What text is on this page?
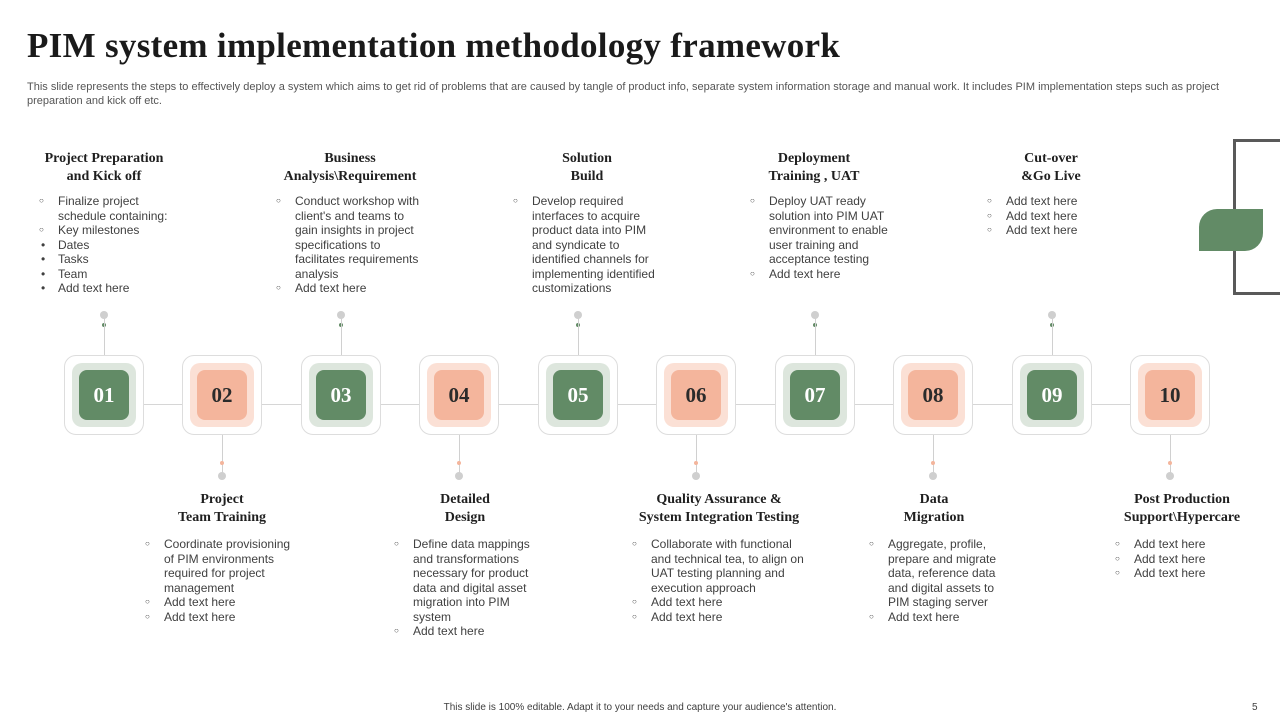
PIM system implementation methodology framework
This slide represents the steps to effectively deploy a system which aims to get rid of problems that are caused by tangle of product info, separate system information storage and manual work. It includes PIM implementation steps such as project preparation and kick off etc.
Project Preparation
and Kick off
○ Finalize project schedule containing:
○ Key milestones
• Dates
• Tasks
• Team
• Add text here
Business
Analysis\Requirement
○ Conduct workshop with client's and teams to gain insights in project specifications to facilitates requirements analysis
○ Add text here
Solution
Build
○ Develop required interfaces to acquire product data into PIM and syndicate to identified channels for implementing identified customizations
Deployment
Training , UAT
○ Deploy UAT ready solution into PIM UAT environment to enable user training and acceptance testing
○ Add text here
Cut-over
&Go Live
○ Add text here
○ Add text here
○ Add text here
01	02	03	04	05	06	07	08	09	10
Project
Team Training
○ Coordinate provisioning of PIM environments required for project management
○ Add text here
○ Add text here
Detailed
Design
○ Define data mappings and transformations necessary for product data and digital asset migration into PIM system
○ Add text here
Quality Assurance &
System Integration Testing
○ Collaborate with functional and technical tea, to align on UAT testing planning and execution approach
○ Add text here
○ Add text here
Data
Migration
○ Aggregate, profile, prepare and migrate data, reference data and digital assets to PIM staging server
○ Add text here
Post Production
Support\Hypercare
○ Add text here
○ Add text here
○ Add text here
This slide is 100% editable. Adapt it to your needs and capture your audience's attention.	5
